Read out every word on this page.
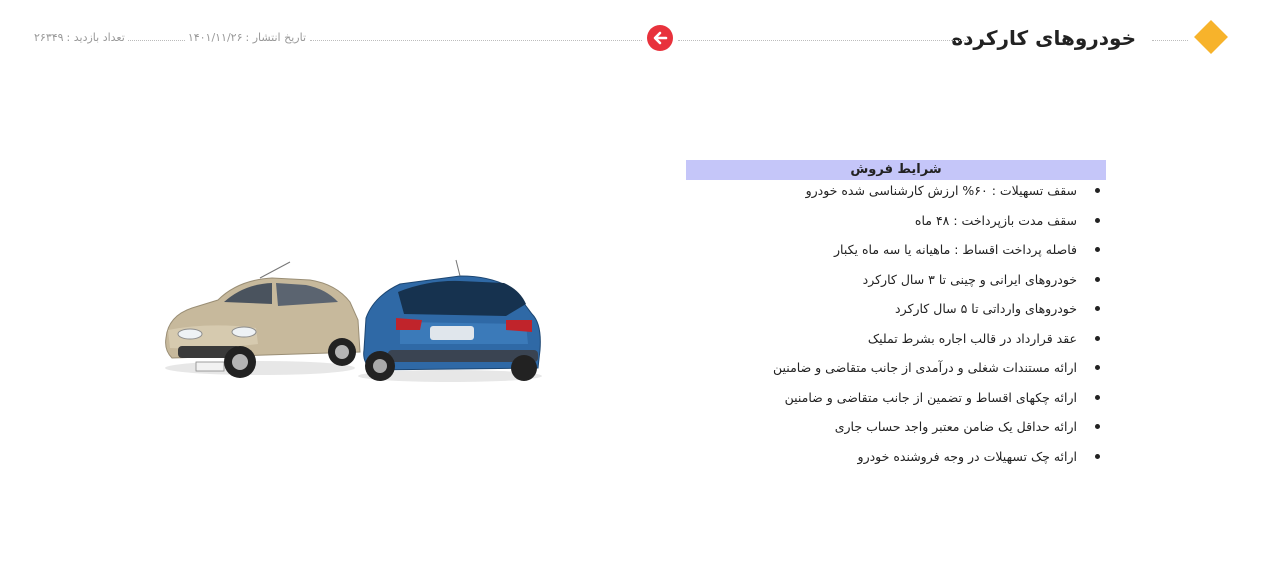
خودروهای کارکرده
تاریخ انتشار :
۱۴۰۱/۱۱/۲۶
تعداد بازدید :
۲۶۳۴۹
شرایط فروش
سقف تسهیلات : ۶۰% ارزش کارشناسی شده خودرو
سقف مدت بازپرداخت : ۴۸ ماه
فاصله پرداخت اقساط : ماهیانه یا سه ماه یکبار
خودروهای ایرانی و چینی تا ۳ سال کارکرد
خودروهای وارداتی تا ۵ سال کارکرد
عقد قرارداد در قالب اجاره بشرط تملیک
ارائه مستندات شغلی و درآمدی از جانب متقاضی و ضامنین
ارائه چکهای اقساط و تضمین از جانب متقاضی و ضامنین
ارائه حداقل یک ضامن معتبر واجد حساب جاری
ارائه چک تسهیلات در وجه فروشنده خودرو
